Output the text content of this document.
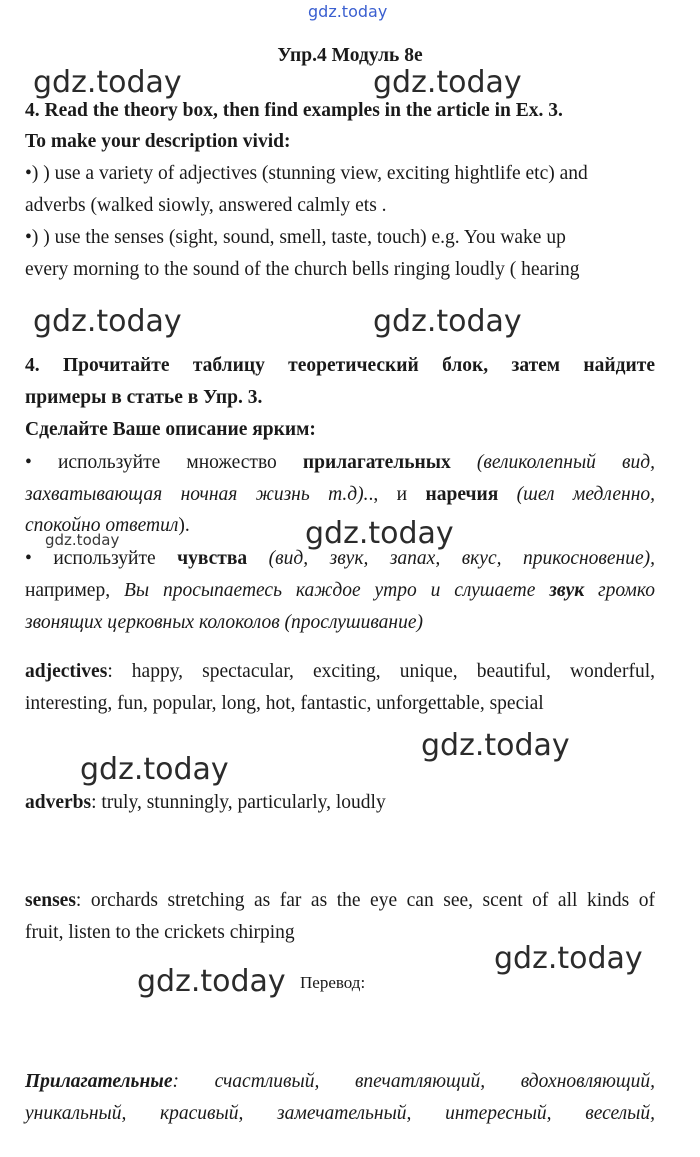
gdz.today
gdz.today	gdz.today
gdz.today	gdz.today
gdz.today
gdz.today
gdz.today
gdz.today
gdz.today
gdz.today
Упр.4 Модуль 8e
4. Read the theory box, then find examples in the article in Ex. 3.
To make your description vivid:
•) ) use a variety of adjectives (stunning view, exciting hightlife etc) and
adverbs (walked siowly, answered calmly ets .
•) ) use the senses (sight, sound, smell, taste, touch) e.g. You wake up
every morning to the sound of the church bells ringing loudly ( hearing
4. Прочитайте таблицу теоретический блок, затем найдите
примеры в статье в Упр. 3.
Сделайте Ваше описание ярким:
• используйте множество прилагательных (великолепный вид,
захватывающая ночная жизнь т.д).., и наречия (шел медленно,
спокойно ответил).
• используйте чувства (вид, звук, запах, вкус, прикосновение),
например, Вы просыпаетесь каждое утро и слушаете звук громко
звонящих церковных колоколов (прослушивание)
adjectives: happy, spectacular, exciting, unique, beautiful, wonderful,
interesting, fun, popular, long, hot, fantastic, unforgettable, special
adverbs: truly, stunningly, particularly, loudly
senses: orchards stretching as far as the eye can see, scent of all kinds of
fruit, listen to the crickets chirping
Перевод:
Прилагательные: счастливый, впечатляющий, вдохновляющий,
уникальный, красивый, замечательный, интересный, веселый,
